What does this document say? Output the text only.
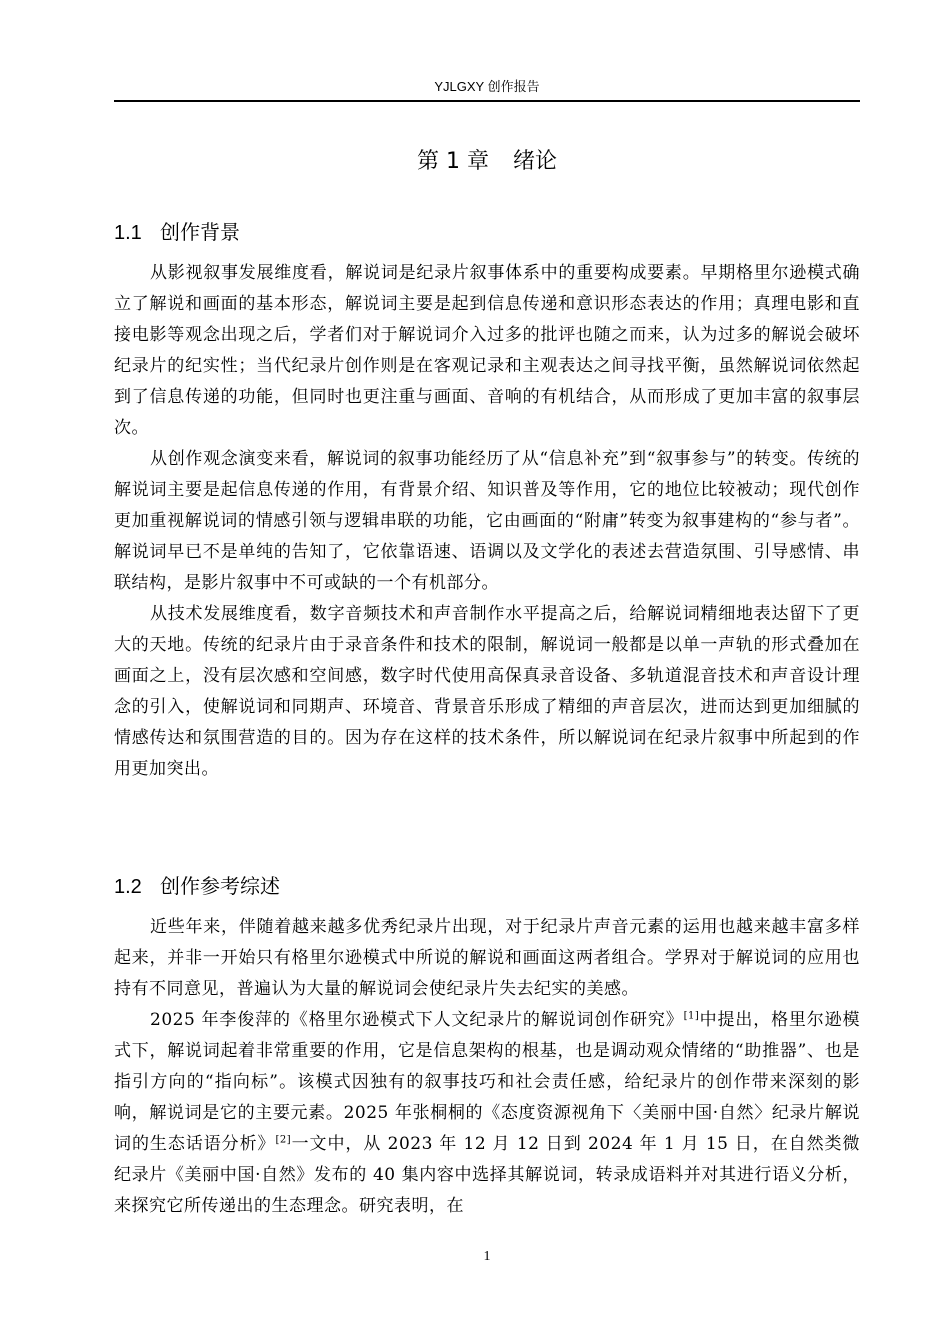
YJLGXY 创作报告
第 1 章 绪论
1.1 创作背景

从影视叙事发展维度看，解说词是纪录片叙事体系中的重要构成要素。早期格里尔逊模式确立了解说和画面的基本形态，解说词主要是起到信息传递和意识形态表达的作用；真理电影和直接电影等观念出现之后，学者们对于解说词介入过多的批评也随之而来，认为过多的解说会破坏纪录片的纪实性；当代纪录片创作则是在客观记录和主观表达之间寻找平衡，虽然解说词依然起到了信息传递的功能，但同时也更注重与画面、音响的有机结合，从而形成了更加丰富的叙事层次。

从创作观念演变来看，解说词的叙事功能经历了从“信息补充”到“叙事参与”的转变。传统的解说词主要是起信息传递的作用，有背景介绍、知识普及等作用，它的地位比较被动；现代创作更加重视解说词的情感引领与逻辑串联的功能，它由画面的“附庸”转变为叙事建构的“参与者”。解说词早已不是单纯的告知了，它依靠语速、语调以及文学化的表述去营造氛围、引导感情、串联结构，是影片叙事中不可或缺的一个有机部分。

从技术发展维度看，数字音频技术和声音制作水平提高之后，给解说词精细地表达留下了更大的天地。传统的纪录片由于录音条件和技术的限制，解说词一般都是以单一声轨的形式叠加在画面之上，没有层次感和空间感，数字时代使用高保真录音设备、多轨道混音技术和声音设计理念的引入，使解说词和同期声、环境音、背景音乐形成了精细的声音层次，进而达到更加细腻的情感传达和氛围营造的目的。因为存在这样的技术条件，所以解说词在纪录片叙事中所起到的作用更加突出。

1.2 创作参考综述

近些年来，伴随着越来越多优秀纪录片出现，对于纪录片声音元素的运用也越来越丰富多样起来，并非一开始只有格里尔逊模式中所说的解说和画面这两者组合。学界对于解说词的应用也持有不同意见，普遍认为大量的解说词会使纪录片失去纪实的美感。

2025 年李俊萍的《格里尔逊模式下人文纪录片的解说词创作研究》[1]中提出，格里尔逊模式下，解说词起着非常重要的作用，它是信息架构的根基，也是调动观众情绪的“助推器”、也是指引方向的“指向标”。该模式因独有的叙事技巧和社会责任感，给纪录片的创作带来深刻的影响，解说词是它的主要元素。2025 年张桐桐的《态度资源视角下〈美丽中国·自然〉纪录片解说词的生态话语分析》[2]一文中，从 2023 年 12 月 12 日到 2024 年 1 月 15 日，在自然类微纪录片《美丽中国·自然》发布的 40 集内容中选择其解说词，转录成语料并对其进行语义分析，来探究它所传递出的生态理念。研究表明，在

1
